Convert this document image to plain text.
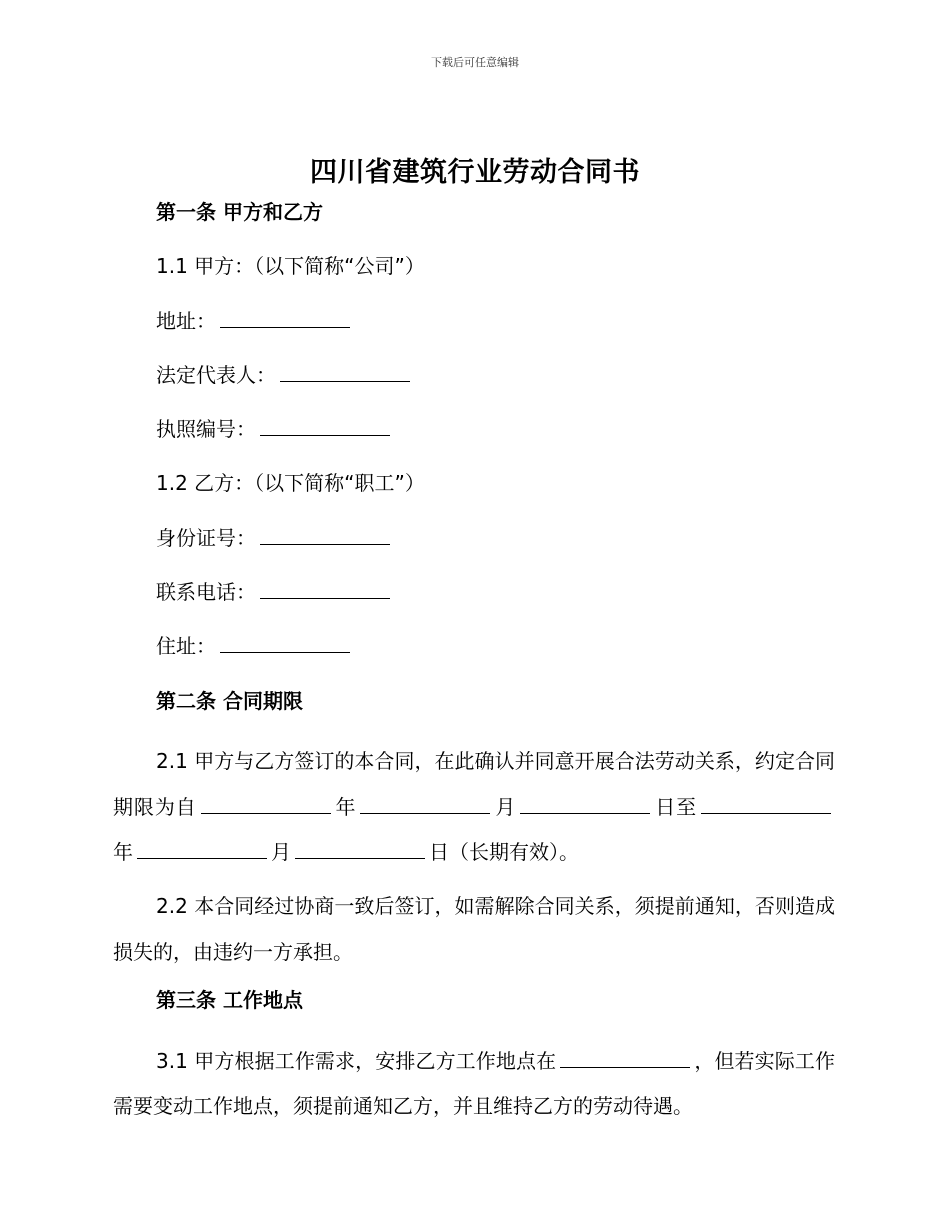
下载后可任意编辑
四川省建筑行业劳动合同书
第一条 甲方和乙方
1.1 甲方：（以下简称“公司”）
地址：
法定代表人：
执照编号：
1.2 乙方：（以下简称“职工”）
身份证号：
联系电话：
住址：
第二条 合同期限
2.1 甲方与乙方签订的本合同，在此确认并同意开展合法劳动关系，约定合同期限为自	年	月	日至年	月	日（长期有效）。
2.2 本合同经过协商一致后签订，如需解除合同关系，须提前通知，否则造成损失的，由违约一方承担。
第三条 工作地点
3.1 甲方根据工作需求，安排乙方工作地点在	，但若实际工作需要变动工作地点，须提前通知乙方，并且维持乙方的劳动待遇。
